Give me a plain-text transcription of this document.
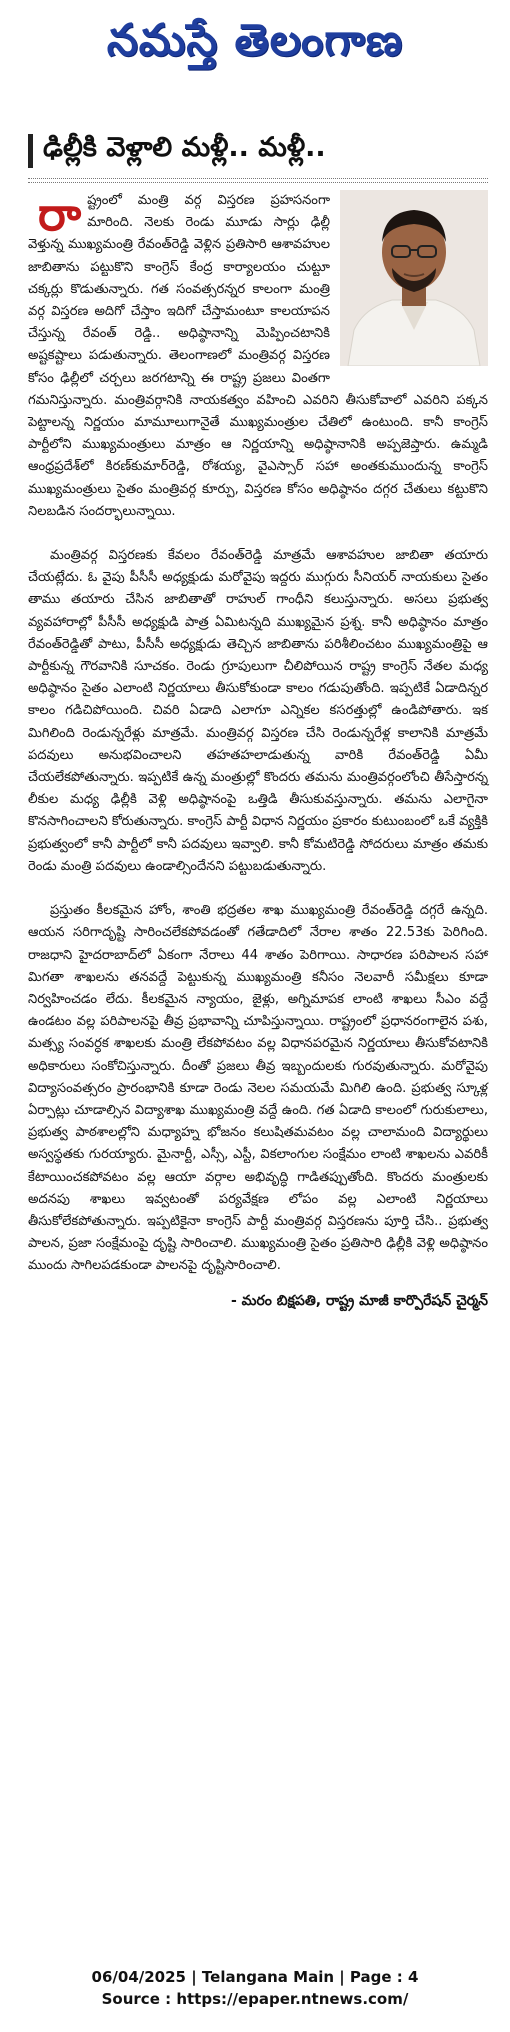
నమస్తే తెలంగాణ
ఢిల్లీకి వెళ్లాలి మళ్లీ.. మళ్లీ..

రాష్ట్రంలో మంత్రి వర్గ విస్తరణ ప్రహసనంగా మారింది. నెలకు రెండు మూడు సార్లు ఢిల్లీ వెళ్తున్న ముఖ్యమంత్రి రేవంత్‌రెడ్డి వెళ్లిన ప్రతిసారి ఆశావహుల జాబితాను పట్టుకొని కాంగ్రెస్ కేంద్ర కార్యాలయం చుట్టూ చక్కర్లు కొడుతున్నారు. గత సంవత్సరన్నర కాలంగా మంత్రి వర్గ విస్తరణ అదిగో చేస్తాం ఇదిగో చేస్తామంటూ కాలయాపన చేస్తున్న రేవంత్ రెడ్డి.. అధిష్ఠానాన్ని మెప్పించటానికి అష్టకష్టాలు పడుతున్నారు. తెలంగాణలో మంత్రివర్గ విస్తరణ కోసం ఢిల్లీలో చర్చలు జరగటాన్ని ఈ రాష్ట్ర ప్రజలు వింతగా గమనిస్తున్నారు. మంత్రివర్గానికి నాయకత్వం వహించి ఎవరిని తీసుకోవాలో ఎవరిని పక్కన పెట్టాలన్న నిర్ణయం మామూలుగానైతే ముఖ్యమంత్రుల చేతిలో ఉంటుంది. కానీ కాంగ్రెస్ పార్టీలోని ముఖ్యమంత్రులు మాత్రం ఆ నిర్ణయాన్ని అధిష్ఠానానికి అప్పజెప్తారు. ఉమ్మడి ఆంధ్రప్రదేశ్‌లో కిరణ్‌కుమార్‌రెడ్డి, రోశయ్య, వైఎస్సార్ సహా అంతకుముందున్న కాంగ్రెస్ ముఖ్యమంత్రులు సైతం మంత్రివర్గ కూర్పు, విస్తరణ కోసం అధిష్ఠానం దగ్గర చేతులు కట్టుకొని నిలబడిన సందర్భాలున్నాయి.

మంత్రివర్గ విస్తరణకు కేవలం రేవంత్‌రెడ్డి మాత్రమే ఆశావహుల జాబితా తయారు చేయట్లేదు. ఓ వైపు పీసీసీ అధ్యక్షుడు మరోవైపు ఇద్దరు ముగ్గురు సీనియర్ నాయకులు సైతం తాము తయారు చేసిన జాబితాతో రాహుల్ గాంధీని కలుస్తున్నారు. అసలు ప్రభుత్వ వ్యవహారాల్లో పీసీసీ అధ్యక్షుడి పాత్ర ఏమిటన్నది ముఖ్యమైన ప్రశ్న. కానీ అధిష్ఠానం మాత్రం రేవంత్‌రెడ్డితో పాటు, పీసీసీ అధ్యక్షుడు తెచ్చిన జాబితాను పరిశీలించటం ముఖ్యమంత్రిపై ఆ పార్టీకున్న గౌరవానికి సూచకం. రెండు గ్రూపులుగా చీలిపోయిన రాష్ట్ర కాంగ్రెస్ నేతల మధ్య అధిష్ఠానం సైతం ఎలాంటి నిర్ణయాలు తీసుకోకుండా కాలం గడుపుతోంది. ఇప్పటికే ఏడాదిన్నర కాలం గడిచిపోయింది. చివరి ఏడాది ఎలాగూ ఎన్నికల కసరత్తుల్లో ఉండిపోతారు. ఇక మిగిలింది రెండున్నరేళ్లు మాత్రమే. మంత్రివర్గ విస్తరణ చేసి రెండున్నరేళ్ల కాలానికి మాత్రమే పదవులు అనుభవించాలని తహతహలాడుతున్న వారికి రేవంత్‌రెడ్డి ఏమీ చేయలేకపోతున్నారు. ఇప్పటికే ఉన్న మంత్రుల్లో కొందరు తమను మంత్రివర్గంలోంచి తీసేస్తారన్న లీకుల మధ్య ఢిల్లీకి వెళ్లి అధిష్ఠానంపై ఒత్తిడి తీసుకువస్తున్నారు. తమను ఎలాగైనా కొనసాగించాలని కోరుతున్నారు. కాంగ్రెస్ పార్టీ విధాన నిర్ణయం ప్రకారం కుటుంబంలో ఒకే వ్యక్తికి ప్రభుత్వంలో కానీ పార్టీలో కానీ పదవులు ఇవ్వాలి. కానీ కోమటిరెడ్డి సోదరులు మాత్రం తమకు రెండు మంత్రి పదవులు ఉండాల్సిందేనని పట్టుబడుతున్నారు.

ప్రస్తుతం కీలకమైన హోం, శాంతి భద్రతల శాఖ ముఖ్యమంత్రి రేవంత్‌రెడ్డి దగ్గరే ఉన్నది. ఆయన సరిగాదృష్టి సారించలేకపోవడంతో గతేడాదిలో నేరాల శాతం 22.53కు పెరిగింది. రాజధాని హైదరాబాద్‌లో ఏకంగా నేరాలు 44 శాతం పెరిగాయి. సాధారణ పరిపాలన సహా మిగతా శాఖలను తనవద్దే పెట్టుకున్న ముఖ్యమంత్రి కనీసం నెలవారీ సమీక్షలు కూడా నిర్వహించడం లేదు. కీలకమైన న్యాయం, జైళ్లు, అగ్నిమాపక లాంటి శాఖలు సీఎం వద్దే ఉండటం వల్ల పరిపాలనపై తీవ్ర ప్రభావాన్ని చూపిస్తున్నాయి. రాష్ట్రంలో ప్రధానరంగాలైన పశు, మత్స్య సంవర్ధక శాఖలకు మంత్రి లేకపోవటం వల్ల విధానపరమైన నిర్ణయాలు తీసుకోవటానికి అధికారులు సంకోచిస్తున్నారు. దీంతో ప్రజలు తీవ్ర ఇబ్బందులకు గురవుతున్నారు. మరోవైపు విద్యాసంవత్సరం ప్రారంభానికి కూడా రెండు నెలల సమయమే మిగిలి ఉంది. ప్రభుత్వ స్కూళ్ల ఏర్పాట్లు చూడాల్సిన విద్యాశాఖ ముఖ్యమంత్రి వద్దే ఉంది. గత ఏడాది కాలంలో గురుకులాలు, ప్రభుత్వ పాఠశాలల్లోని మధ్యాహ్న భోజనం కలుషితమవటం వల్ల చాలామంది విద్యార్థులు అస్వస్థతకు గురయ్యారు. మైనార్టీ, ఎస్సీ, ఎస్టీ, వికలాంగుల సంక్షేమం లాంటి శాఖలను ఎవరికీ కేటాయించకపోవటం వల్ల ఆయా వర్గాల అభివృద్ధి గాడితప్పుతోంది. కొందరు మంత్రులకు అదనపు శాఖలు ఇవ్వటంతో పర్యవేక్షణ లోపం వల్ల ఎలాంటి నిర్ణయాలు తీసుకోలేకపోతున్నారు. ఇప్పటికైనా కాంగ్రెస్ పార్టీ మంత్రివర్గ విస్తరణను పూర్తి చేసి.. ప్రభుత్వ పాలన, ప్రజా సంక్షేమంపై దృష్టి సారించాలి. ముఖ్యమంత్రి సైతం ప్రతిసారి ఢిల్లీకి వెళ్లి అధిష్ఠానం ముందు సాగిలపడకుండా పాలనపై దృష్టిసారించాలి.

- మరం బిక్షపతి, రాష్ట్ర మాజీ కార్పొరేషన్ చైర్మన్
06/04/2025 | Telangana Main | Page : 4
Source : https://epaper.ntnews.com/
